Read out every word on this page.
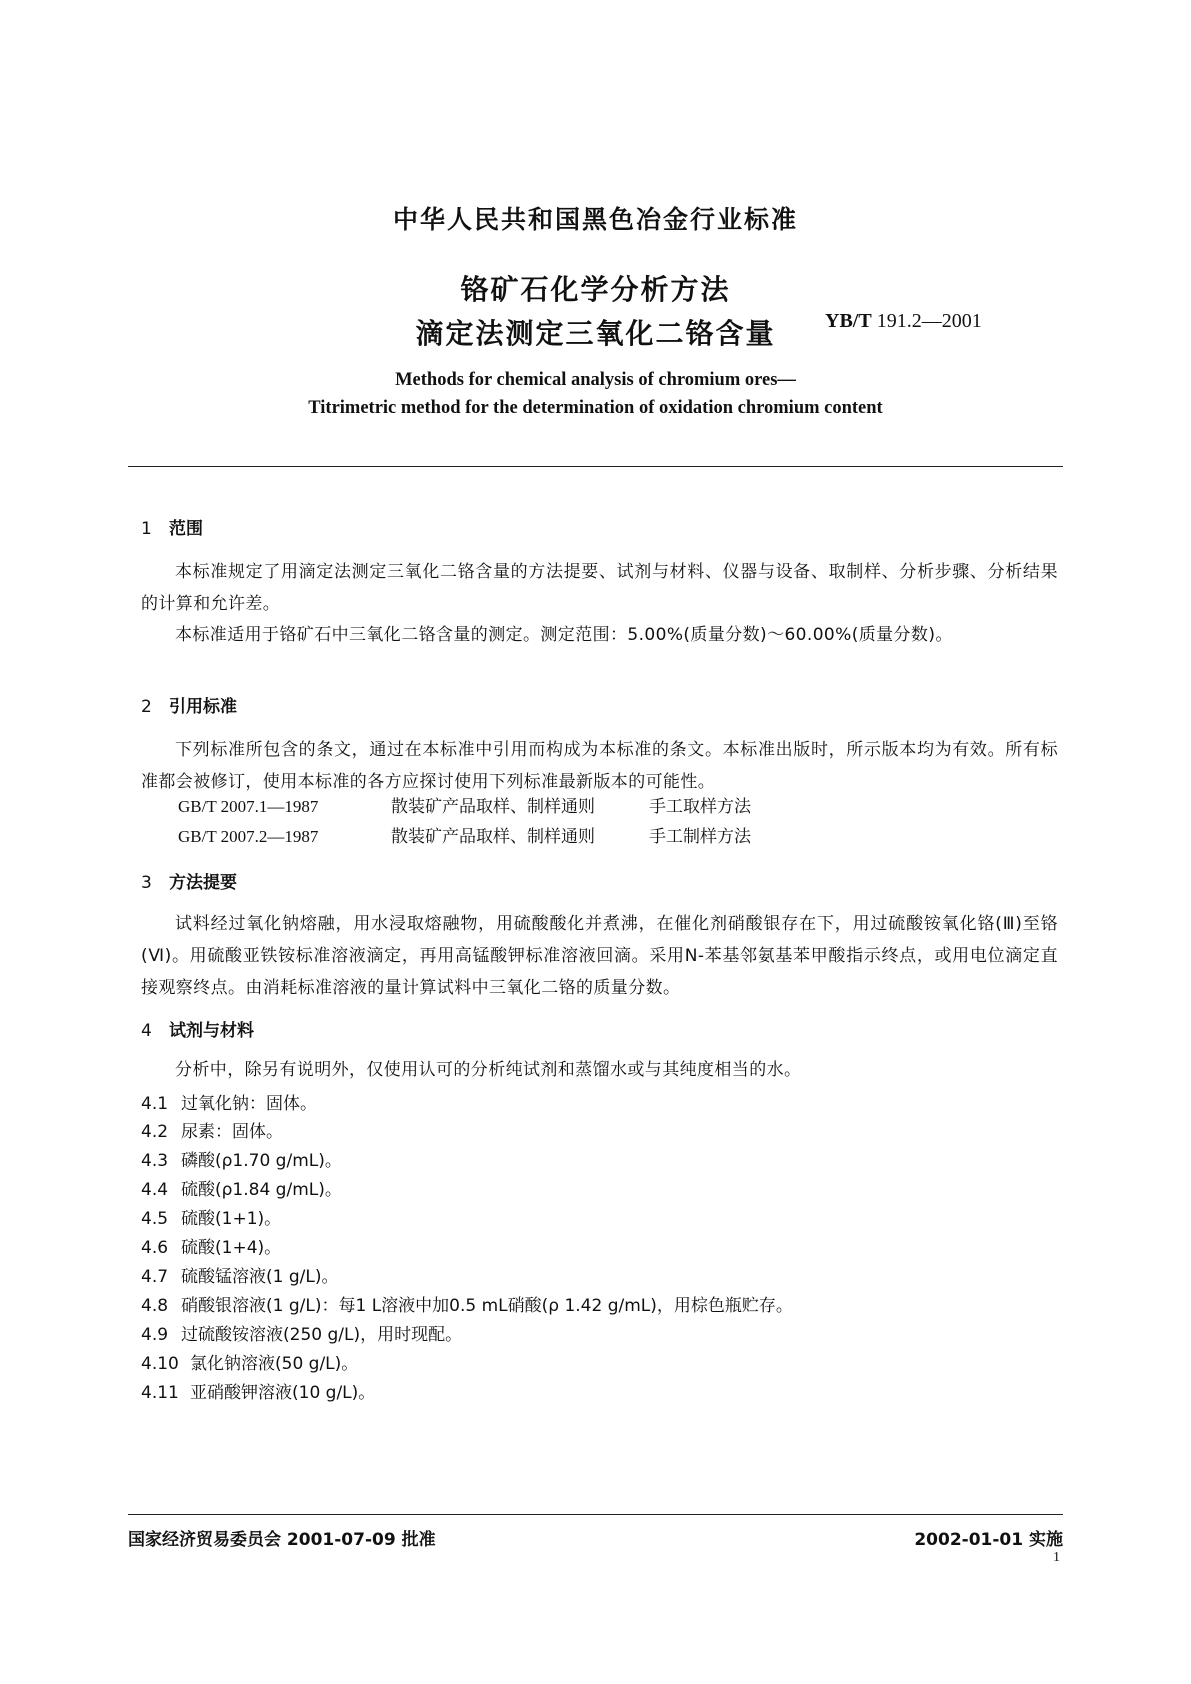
中华人民共和国黑色冶金行业标准
铬矿石化学分析方法
滴定法测定三氧化二铬含量	YB/T 191.2—2001
Methods for chemical analysis of chromium ores—
Titrimetric method for the determination of oxidation chromium content
1 范围
本标准规定了用滴定法测定三氧化二铬含量的方法提要、试剂与材料、仪器与设备、取制样、分析步骤、分析结果的计算和允许差。
本标准适用于铬矿石中三氧化二铬含量的测定。测定范围：5.00%(质量分数)～60.00%(质量分数)。
2 引用标准
下列标准所包含的条文，通过在本标准中引用而构成为本标准的条文。本标准出版时，所示版本均为有效。所有标准都会被修订，使用本标准的各方应探讨使用下列标准最新版本的可能性。
GB/T 2007.1—1987	散装矿产品取样、制样通则	手工取样方法
GB/T 2007.2—1987	散装矿产品取样、制样通则	手工制样方法
3 方法提要
试料经过氧化钠熔融，用水浸取熔融物，用硫酸酸化并煮沸，在催化剂硝酸银存在下，用过硫酸铵氧化铬(Ⅲ)至铬(Ⅵ)。用硫酸亚铁铵标准溶液滴定，再用高锰酸钾标准溶液回滴。采用N-苯基邻氨基苯甲酸指示终点，或用电位滴定直接观察终点。由消耗标准溶液的量计算试料中三氧化二铬的质量分数。
4 试剂与材料
分析中，除另有说明外，仅使用认可的分析纯试剂和蒸馏水或与其纯度相当的水。
4.1 过氧化钠：固体。
4.2 尿素：固体。
4.3 磷酸(ρ1.70 g/mL)。
4.4 硫酸(ρ1.84 g/mL)。
4.5 硫酸(1+1)。
4.6 硫酸(1+4)。
4.7 硫酸锰溶液(1 g/L)。
4.8 硝酸银溶液(1 g/L)：每1 L溶液中加0.5 mL硝酸(ρ 1.42 g/mL)，用棕色瓶贮存。
4.9 过硫酸铵溶液(250 g/L)，用时现配。
4.10 氯化钠溶液(50 g/L)。
4.11 亚硝酸钾溶液(10 g/L)。
国家经济贸易委员会 2001-07-09 批准	2002-01-01 实施
1
